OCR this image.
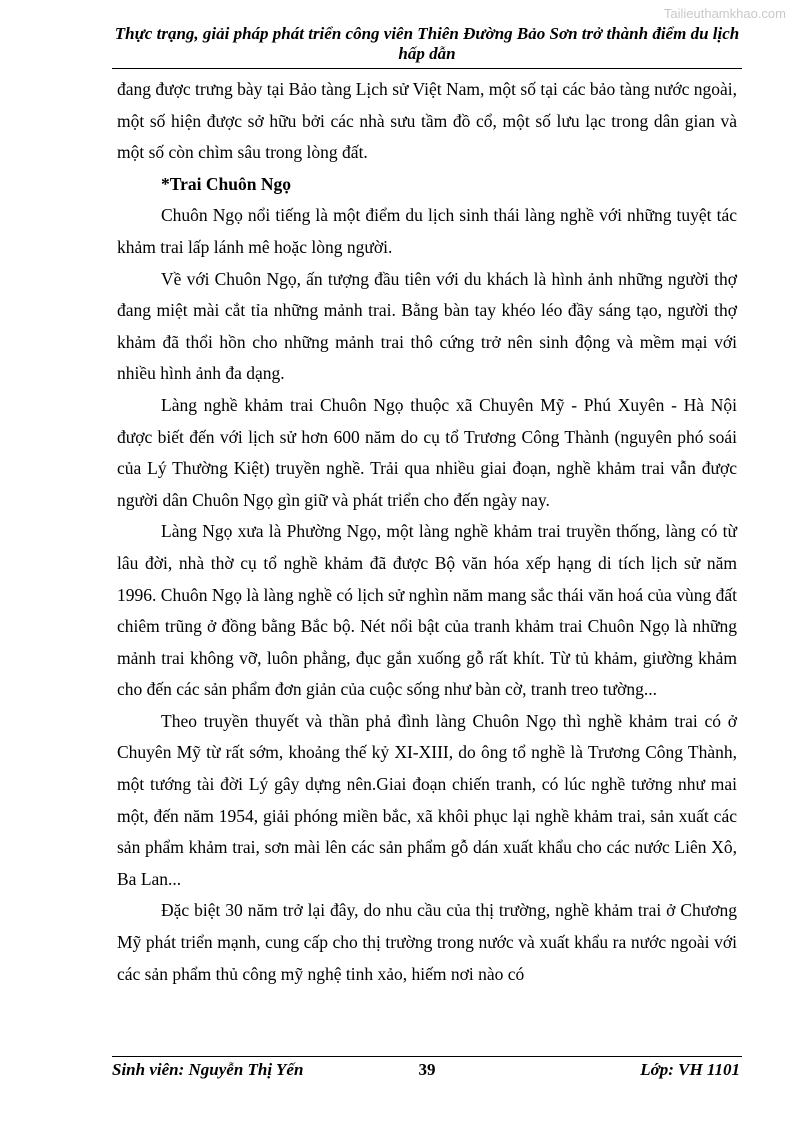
Tailieuthamkhao.com
Thực trạng, giải pháp phát triển công viên Thiên Đường Bảo Sơn trở thành điểm du lịch hấp dẫn

đang được trưng bày tại Bảo tàng Lịch sử Việt Nam, một số tại các bảo tàng nước ngoài, một số hiện được sở hữu bởi các nhà sưu tầm đồ cổ, một số lưu lạc trong dân gian và một số còn chìm sâu trong lòng đất.

*Trai Chuôn Ngọ

Chuôn Ngọ nổi tiếng là một điểm du lịch sinh thái làng nghề với những tuyệt tác khảm trai lấp lánh mê hoặc lòng người.

Về với Chuôn Ngọ, ấn tượng đầu tiên với du khách là hình ảnh những người thợ đang miệt mài cắt tỉa những mảnh trai. Bằng bàn tay khéo léo đầy sáng tạo, người thợ khảm đã thổi hồn cho những mảnh trai thô cứng trở nên sinh động và mềm mại với nhiều hình ảnh đa dạng.

Làng nghề khảm trai Chuôn Ngọ thuộc xã Chuyên Mỹ - Phú Xuyên - Hà Nội được biết đến với lịch sử hơn 600 năm do cụ tổ Trương Công Thành (nguyên phó soái của Lý Thường Kiệt) truyền nghề. Trải qua nhiều giai đoạn, nghề khảm trai vẫn được người dân Chuôn Ngọ gìn giữ và phát triển cho đến ngày nay.

Làng Ngọ xưa là Phường Ngọ, một làng nghề khảm trai truyền thống, làng có từ lâu đời, nhà thờ cụ tổ nghề khảm đã được Bộ văn hóa xếp hạng di tích lịch sử năm 1996. Chuôn Ngọ là làng nghề có lịch sử nghìn năm mang sắc thái văn hoá của vùng đất chiêm trũng ở đồng bằng Bắc bộ. Nét nổi bật của tranh khảm trai Chuôn Ngọ là những mảnh trai không vỡ, luôn phẳng, đục gắn xuống gỗ rất khít. Từ tủ khảm, giường khảm cho đến các sản phẩm đơn giản của cuộc sống như bàn cờ, tranh treo tường...

Theo truyền thuyết và thần phả đình làng Chuôn Ngọ thì nghề khảm trai có ở Chuyên Mỹ từ rất sớm, khoảng thế kỷ XI-XIII, do ông tổ nghề là Trương Công Thành, một tướng tài đời Lý gây dựng nên.Giai đoạn chiến tranh, có lúc nghề tưởng như mai một, đến năm 1954, giải phóng miền bắc, xã khôi phục lại nghề khảm trai, sản xuất các sản phẩm khảm trai, sơn mài lên các sản phẩm gỗ dán xuất khẩu cho các nước Liên Xô, Ba Lan...

Đặc biệt 30 năm trở lại đây, do nhu cầu của thị trường, nghề khảm trai ở Chương Mỹ phát triển mạnh, cung cấp cho thị trường trong nước và xuất khẩu ra nước ngoài với các sản phẩm thủ công mỹ nghệ tinh xảo, hiếm nơi nào có

Sinh viên: Nguyễn Thị Yến	39	Lớp: VH 1101
